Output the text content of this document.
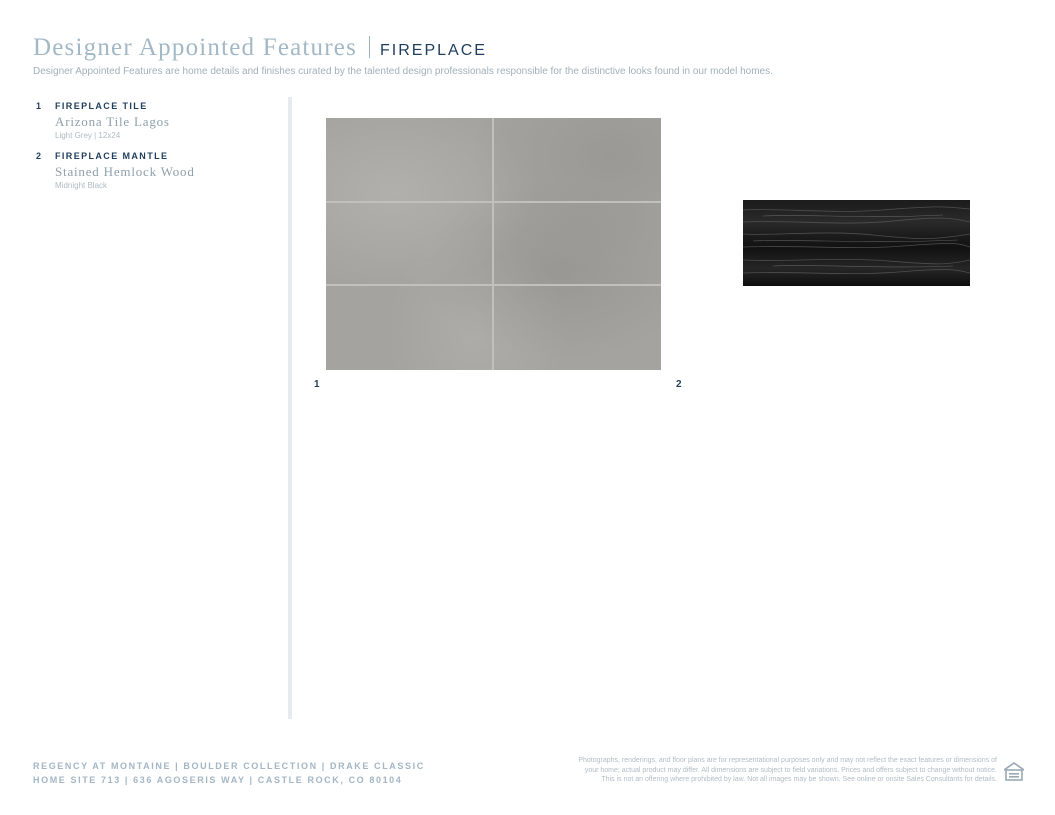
Designer Appointed Features FIREPLACE
Designer Appointed Features are home details and finishes curated by the talented design professionals responsible for the distinctive looks found in our model homes.
1 FIREPLACE TILE
Arizona Tile Lagos
Light Grey | 12x24
2 FIREPLACE MANTLE
Stained Hemlock Wood
Midnight Black
1	2
REGENCY AT MONTAINE | BOULDER COLLECTION | DRAKE CLASSIC
HOME SITE 713 | 636 AGOSERIS WAY | CASTLE ROCK, CO 80104
Photographs, renderings, and floor plans are for representational purposes only and may not reflect the exact features or dimensions of
your home; actual product may differ. All dimensions are subject to field variations. Prices and offers subject to change without notice.
This is not an offering where prohibited by law. Not all images may be shown. See online or onsite Sales Consultants for details.
